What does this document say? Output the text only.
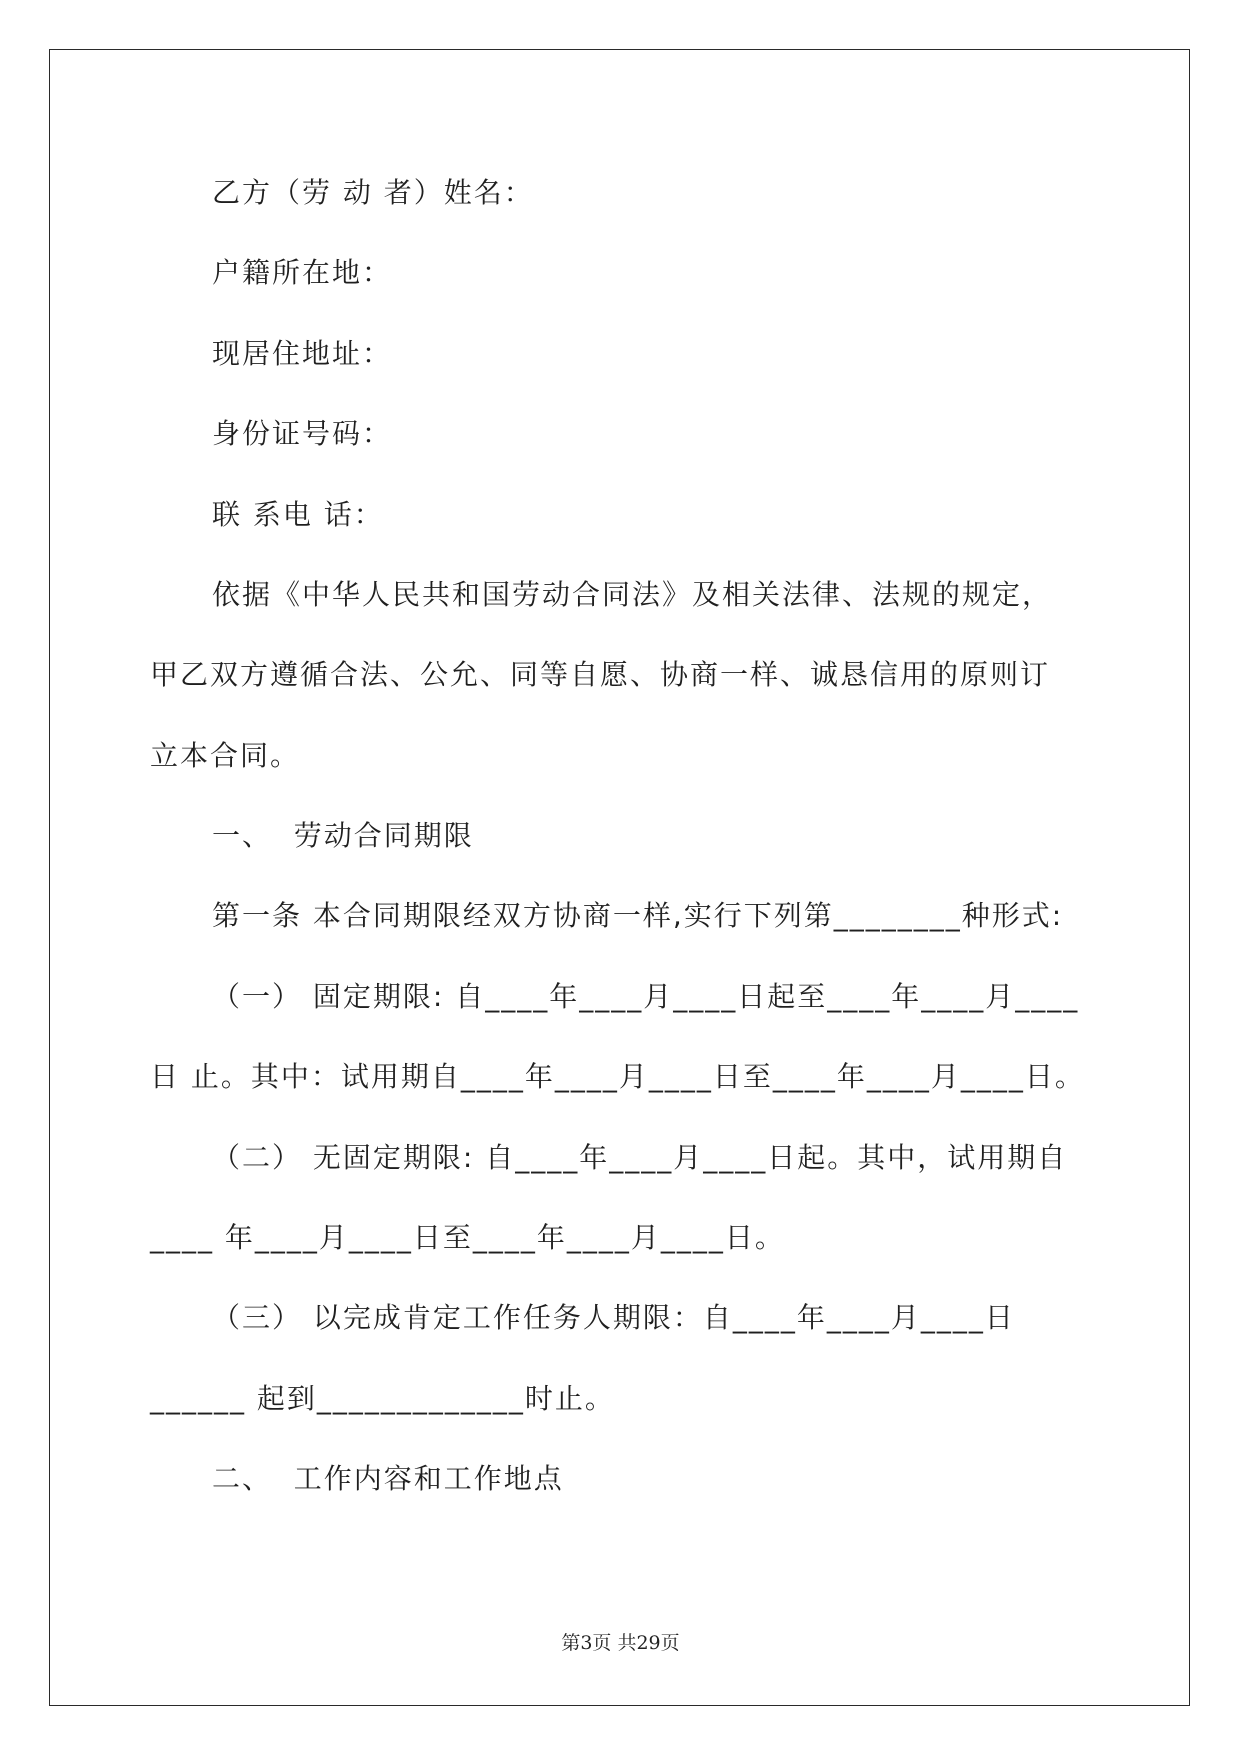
乙方（劳 动 者）姓名：
户籍所在地：
现居住地址：
身份证号码：
联 系电 话：
依据《中华人民共和国劳动合同法》及相关法律、法规的规定，
甲乙双方遵循合法、公允、同等自愿、协商一样、诚恳信用的原则订
立本合同。
一、  劳动合同期限
第一条 本合同期限经双方协商一样,实行下列第________种形式:
（一） 固定期限: 自____年____月____日起至____年____月____
日 止。其中：试用期自____年____月____日至____年____月____日。
（二） 无固定期限: 自____年____月____日起。其中，试用期自
____ 年____月____日至____年____月____日。
（三） 以完成肯定工作任务人期限：自____年____月____日
______ 起到_____________时止。
二、  工作内容和工作地点
第3页 共29页
